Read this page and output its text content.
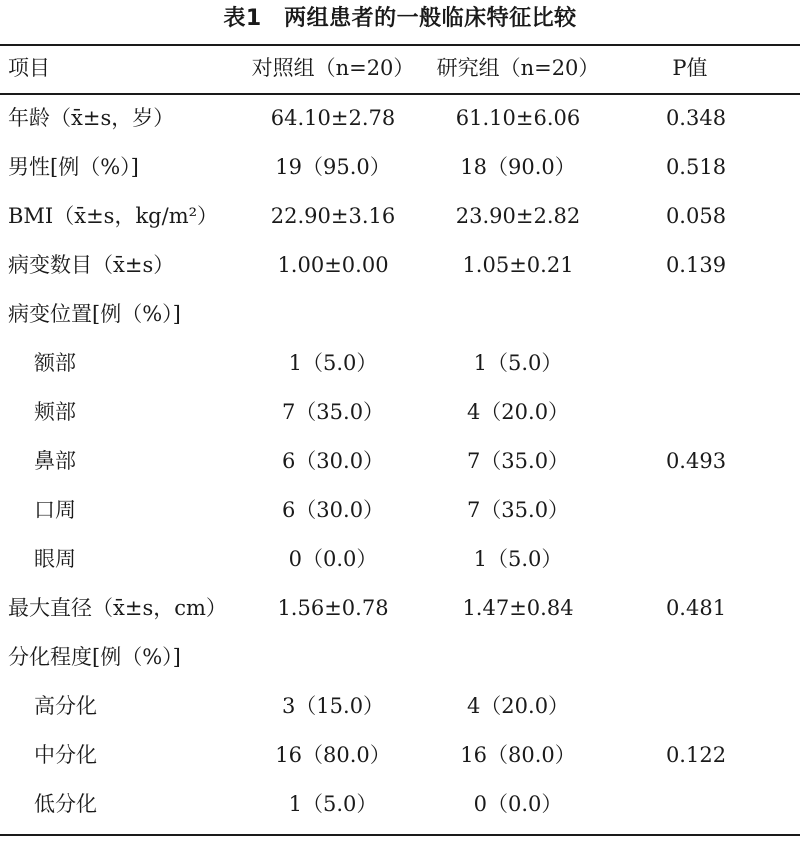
表1　两组患者的一般临床特征比较
项目	对照组（n=20）	研究组（n=20）	P值
年龄（x̄±s，岁）	64.10±2.78	61.10±6.06	0.348
男性[例（%）]	19（95.0）	18（90.0）	0.518
BMI（x̄±s，kg/m²）	22.90±3.16	23.90±2.82	0.058
病变数目（x̄±s）	1.00±0.00	1.05±0.21	0.139
病变位置[例（%）]
额部	1（5.0）	1（5.0）
颊部	7（35.0）	4（20.0）
鼻部	6（30.0）	7（35.0）	0.493
口周	6（30.0）	7（35.0）
眼周	0（0.0）	1（5.0）
最大直径（x̄±s，cm）	1.56±0.78	1.47±0.84	0.481
分化程度[例（%）]
高分化	3（15.0）	4（20.0）
中分化	16（80.0）	16（80.0）	0.122
低分化	1（5.0）	0（0.0）
